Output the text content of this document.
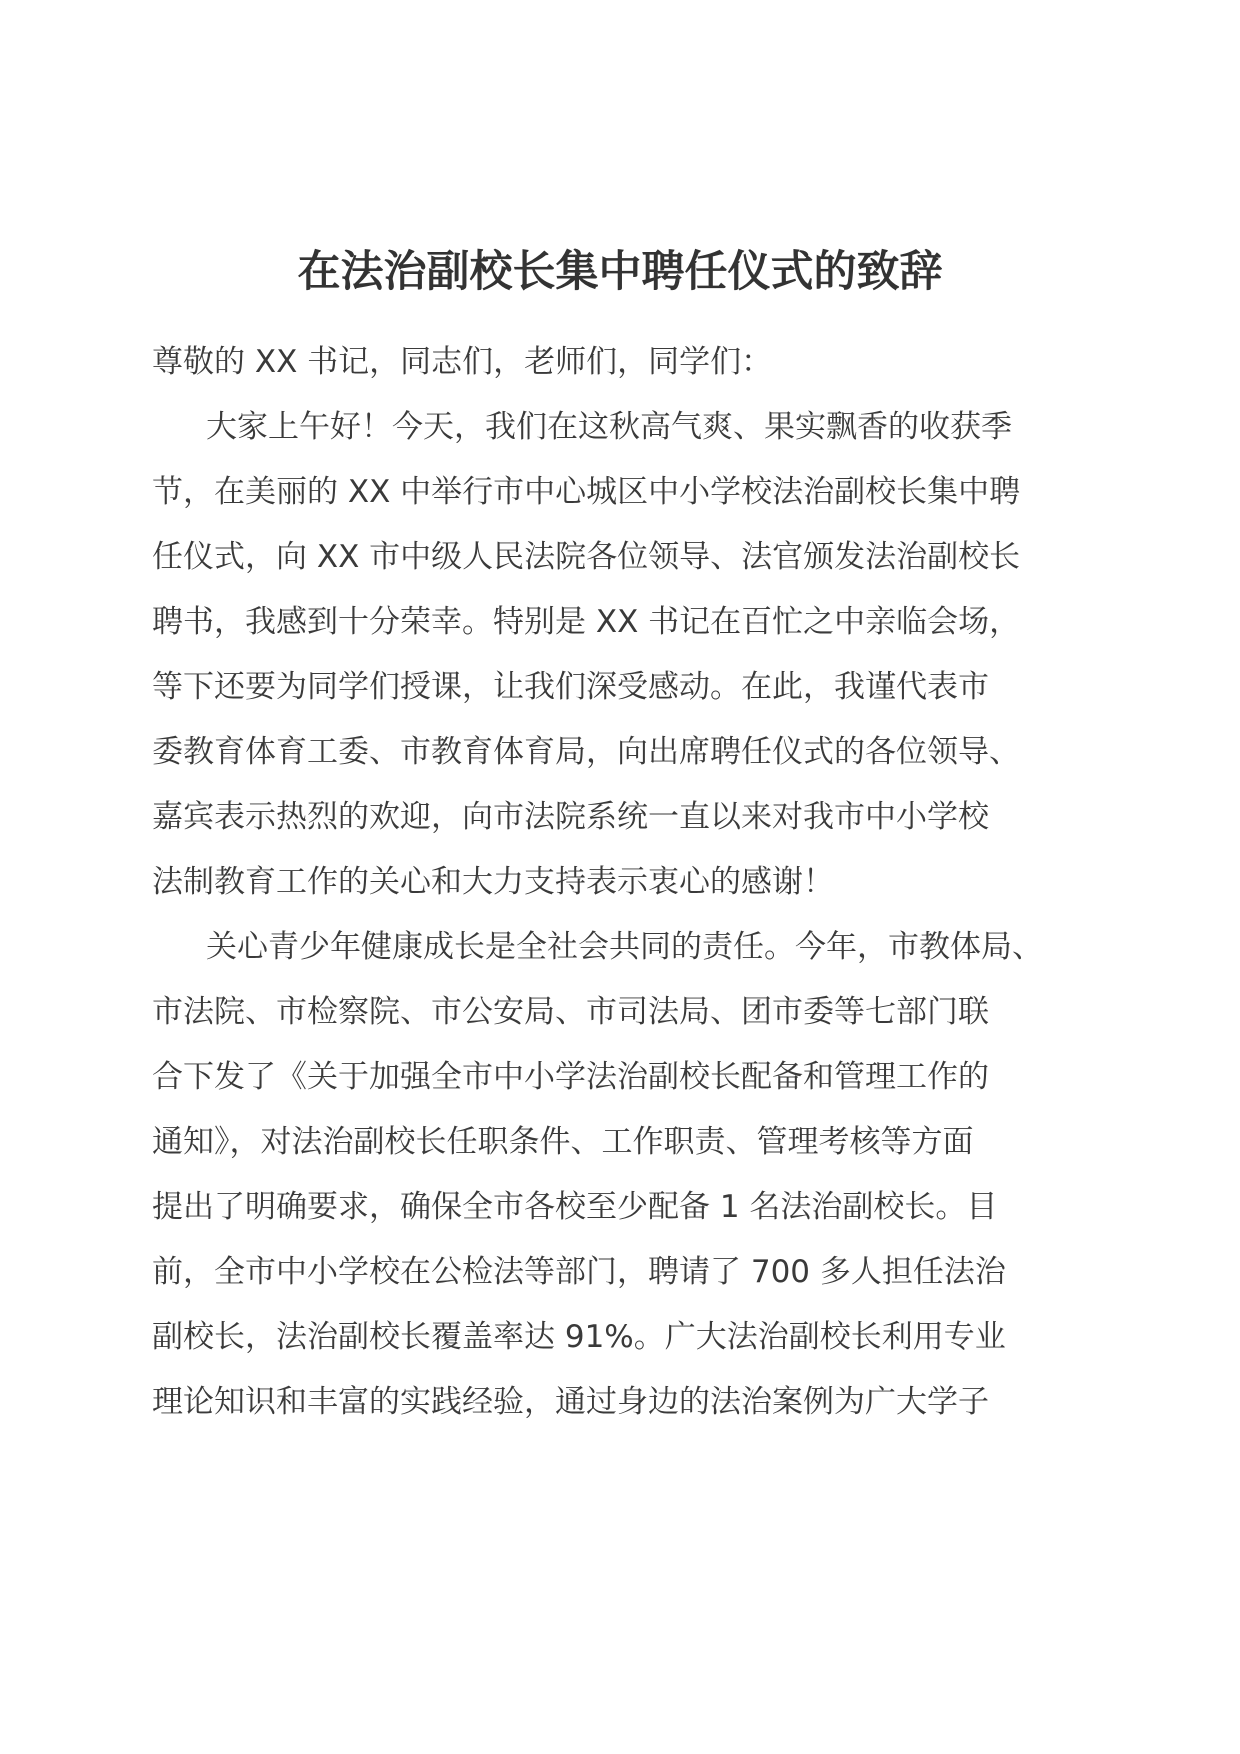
在法治副校长集中聘任仪式的致辞
尊敬的 XX 书记，同志们，老师们，同学们：
大家上午好！今天，我们在这秋高气爽、果实飘香的收获季
节，在美丽的 XX 中举行市中心城区中小学校法治副校长集中聘
任仪式，向 XX 市中级人民法院各位领导、法官颁发法治副校长
聘书，我感到十分荣幸。特别是 XX 书记在百忙之中亲临会场，
等下还要为同学们授课，让我们深受感动。在此，我谨代表市
委教育体育工委、市教育体育局，向出席聘任仪式的各位领导、
嘉宾表示热烈的欢迎，向市法院系统一直以来对我市中小学校
法制教育工作的关心和大力支持表示衷心的感谢！
关心青少年健康成长是全社会共同的责任。今年，市教体局、
市法院、市检察院、市公安局、市司法局、团市委等七部门联
合下发了《关于加强全市中小学法治副校长配备和管理工作的
通知》，对法治副校长任职条件、工作职责、管理考核等方面
提出了明确要求，确保全市各校至少配备 1 名法治副校长。目
前，全市中小学校在公检法等部门，聘请了 700 多人担任法治
副校长，法治副校长覆盖率达 91%。广大法治副校长利用专业
理论知识和丰富的实践经验，通过身边的法治案例为广大学子
